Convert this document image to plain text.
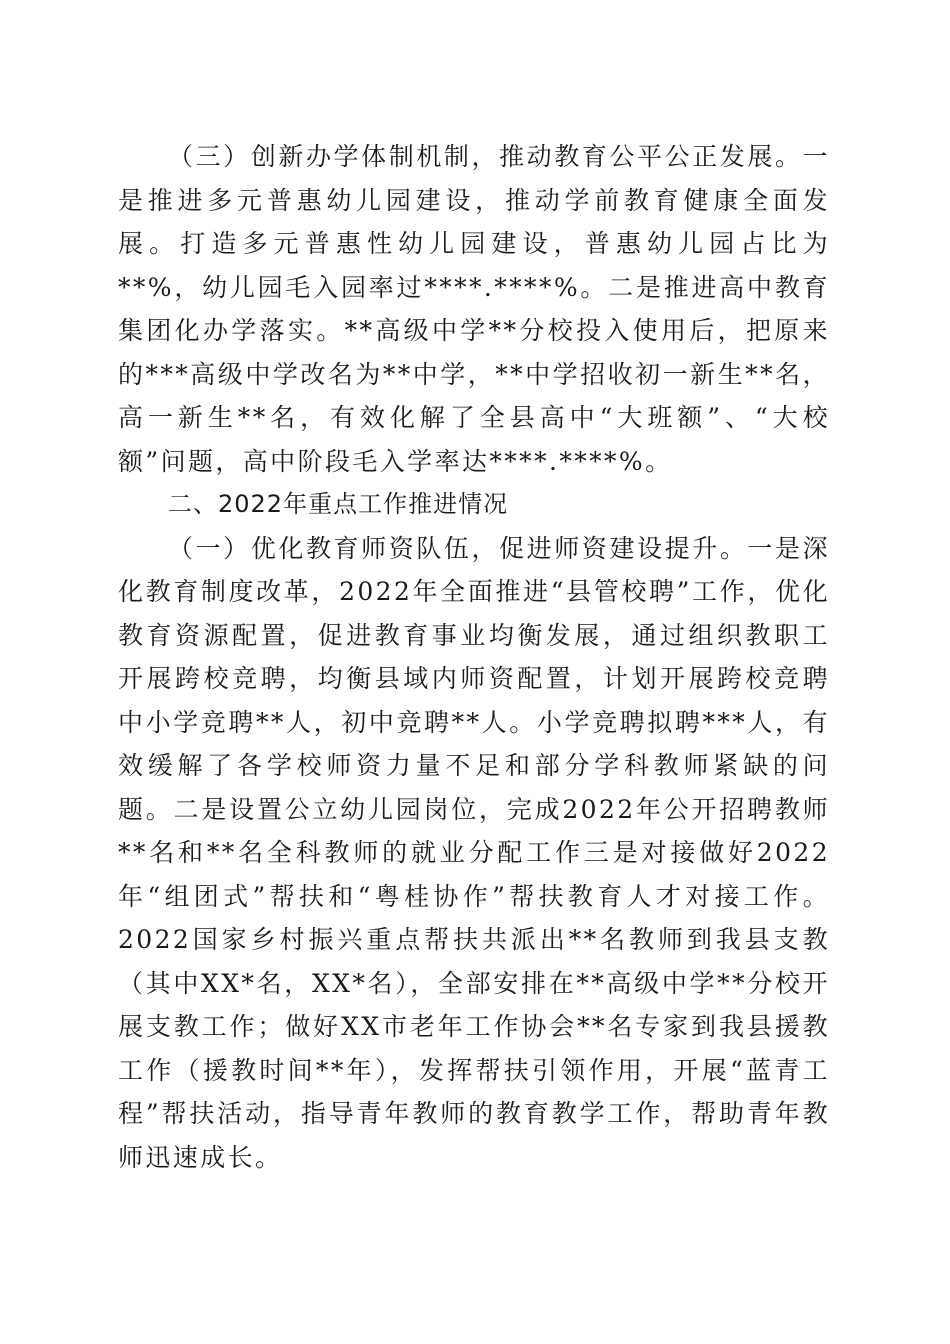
（三）创新办学体制机制，推动教育公平公正发展。一是推进多元普惠幼儿园建设，推动学前教育健康全面发展。打造多元普惠性幼儿园建设，普惠幼儿园占比为**%，幼儿园毛入园率过****.****%。二是推进高中教育集团化办学落实。**高级中学**分校投入使用后，把原来的***高级中学改名为**中学，**中学招收初一新生**名，高一新生**名，有效化解了全县高中“大班额”、“大校额”问题，高中阶段毛入学率达****.****%。

二、2022年重点工作推进情况

（一）优化教育师资队伍，促进师资建设提升。一是深化教育制度改革，2022年全面推进“县管校聘”工作，优化教育资源配置，促进教育事业均衡发展，通过组织教职工开展跨校竞聘，均衡县域内师资配置，计划开展跨校竞聘中小学竞聘**人，初中竞聘**人。小学竞聘拟聘***人，有效缓解了各学校师资力量不足和部分学科教师紧缺的问题。二是设置公立幼儿园岗位，完成2022年公开招聘教师**名和**名全科教师的就业分配工作三是对接做好2022年“组团式”帮扶和“粤桂协作”帮扶教育人才对接工作。2022国家乡村振兴重点帮扶共派出**名教师到我县支教（其中XX*名，XX*名），全部安排在**高级中学**分校开展支教工作；做好XX市老年工作协会**名专家到我县援教工作（援教时间**年），发挥帮扶引领作用，开展“蓝青工程”帮扶活动，指导青年教师的教育教学工作，帮助青年教师迅速成长。
